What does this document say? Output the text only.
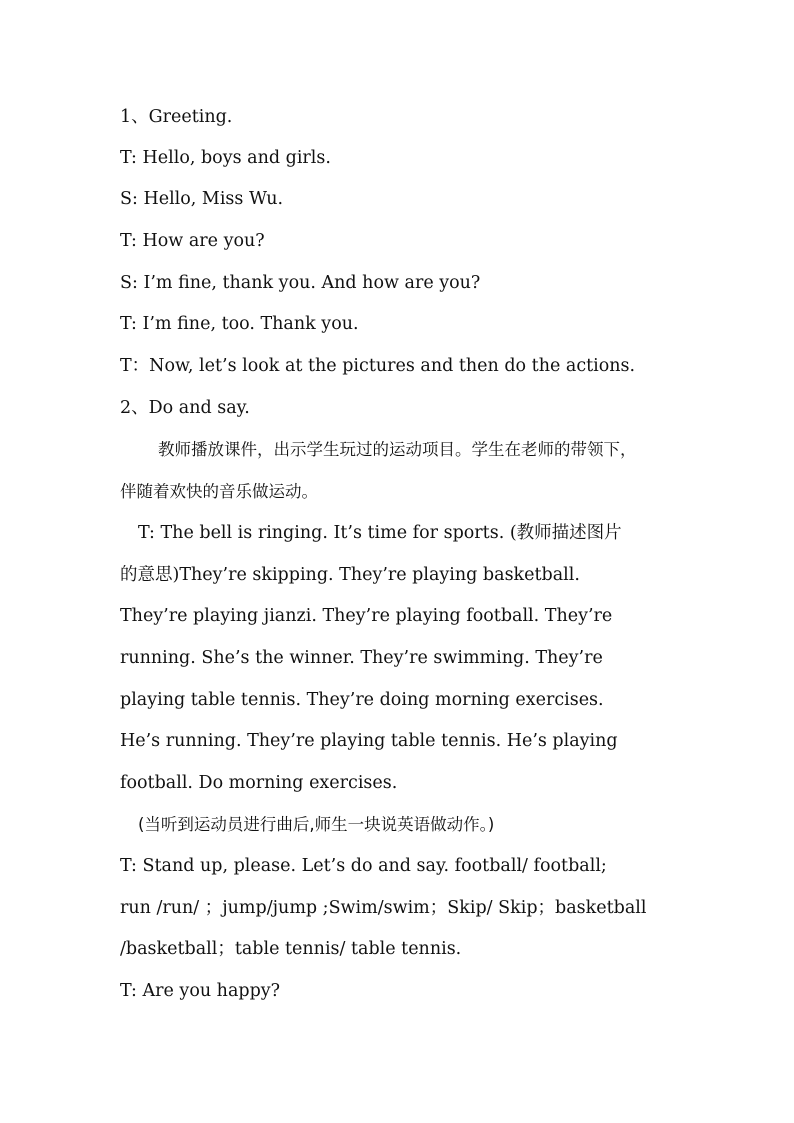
1、Greeting.
T: Hello, boys and girls.
S: Hello, Miss Wu.
T: How are you?
S: I’m fine, thank you. And how are you?
T: I’m fine, too. Thank you.
T：Now, let’s look at the pictures and then do the actions.
2、Do and say.
教师播放课件，出示学生玩过的运动项目。学生在老师的带领下，
伴随着欢快的音乐做运动。
T: The bell is ringing. It’s time for sports. (教师描述图片
的意思)They’re skipping. They’re playing basketball.
They’re playing jianzi. They’re playing football. They’re
running. She’s the winner. They’re swimming. They’re
playing table tennis. They’re doing morning exercises.
He’s running. They’re playing table tennis. He’s playing
football. Do morning exercises.
(当听到运动员进行曲后,师生一块说英语做动作。)
T: Stand up, please. Let’s do and say. football/ football;
run /run/ ；jump/jump ;Swim/swim；Skip/ Skip；basketball
/basketball；table tennis/ table tennis.
T: Are you happy?
